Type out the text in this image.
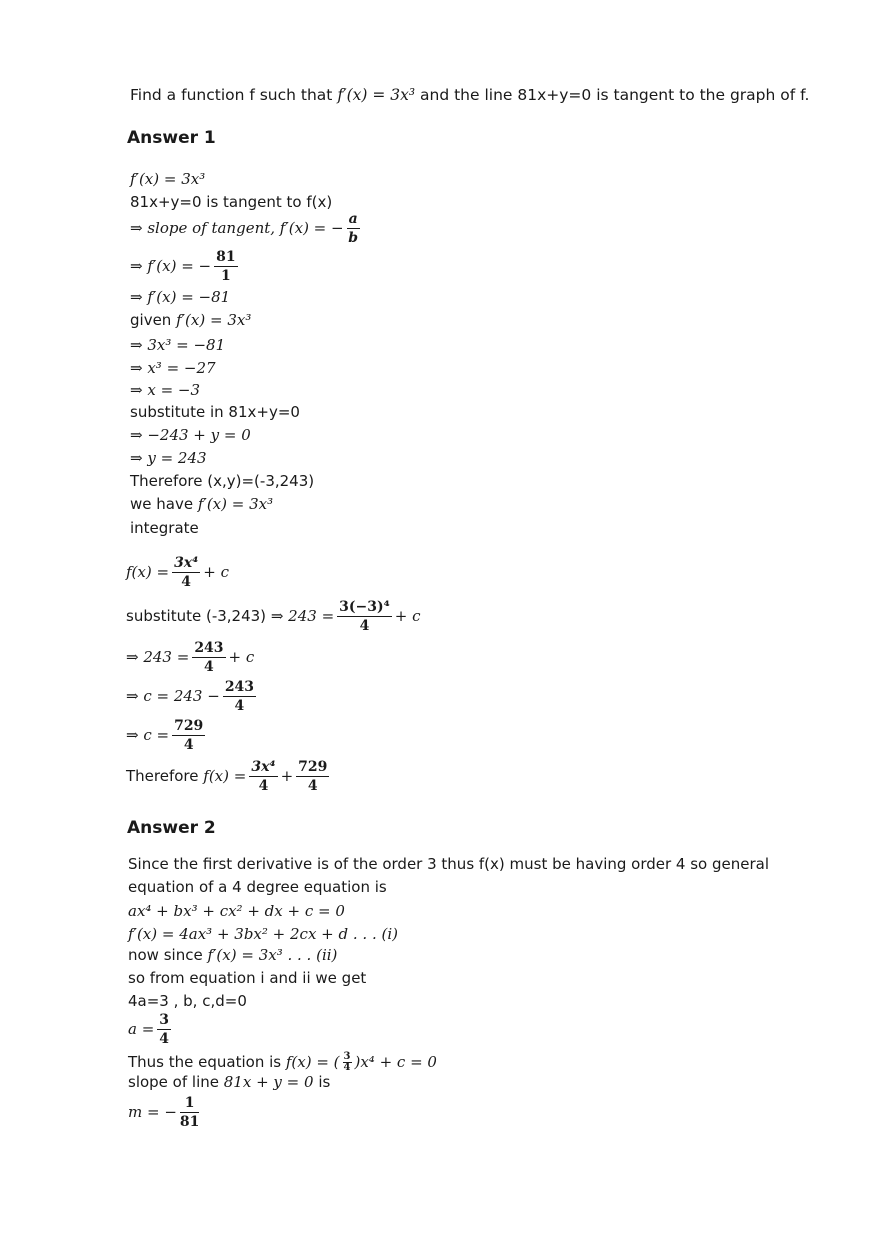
Find a function f such that f′(x) = 3x³ and the line 81x+y=0 is tangent to the graph of f.
Answer 1
f′(x) = 3x³
81x+y=0 is tangent to f(x)
⇒ slope of tangent, f′(x) = − $\frac{a}{b}$
⇒ f′(x) = − $\frac{81}{1}$
⇒ f′(x) = −81
given f′(x) = 3x³
⇒ 3x³ = −81
⇒ x³ = −27
⇒ x = −3
substitute in 81x+y=0
⇒ −243 + y = 0
⇒ y = 243
Therefore (x,y)=(-3,243)
we have f′(x) = 3x³
integrate
$f(x) = \frac{\text{3x⁴}}{4} + c$
substitute (-3,243) ⇒ $243 = \frac{\text{3(−3)⁴}}{4} + c$
⇒ $243 = \frac{243}{4} + c$
⇒ $c = 243 - \frac{243}{4}$
⇒ $c = \frac{729}{4}$
Therefore $f(x) = \frac{\text{3x⁴}}{4} + \frac{729}{4}$
Answer 2
Since the first derivative is of the order 3 thus f(x) must be having order 4 so general
equation of a 4 degree equation is
ax⁴ + bx³ + cx² + dx + c = 0
f′(x) = 4ax³ + 3bx² + 2cx + d . . . (i)
now since f′(x) = 3x³ . . . (ii)
so from equation i and ii we get
4a=3 , b, c,d=0
$a = \frac{3}{4}$
Thus the equation is f(x) = ( $\frac{3}{4} )x^4 + c = 0$
slope of line 81x + y = 0 is
m = − $\frac{1}{81}$
